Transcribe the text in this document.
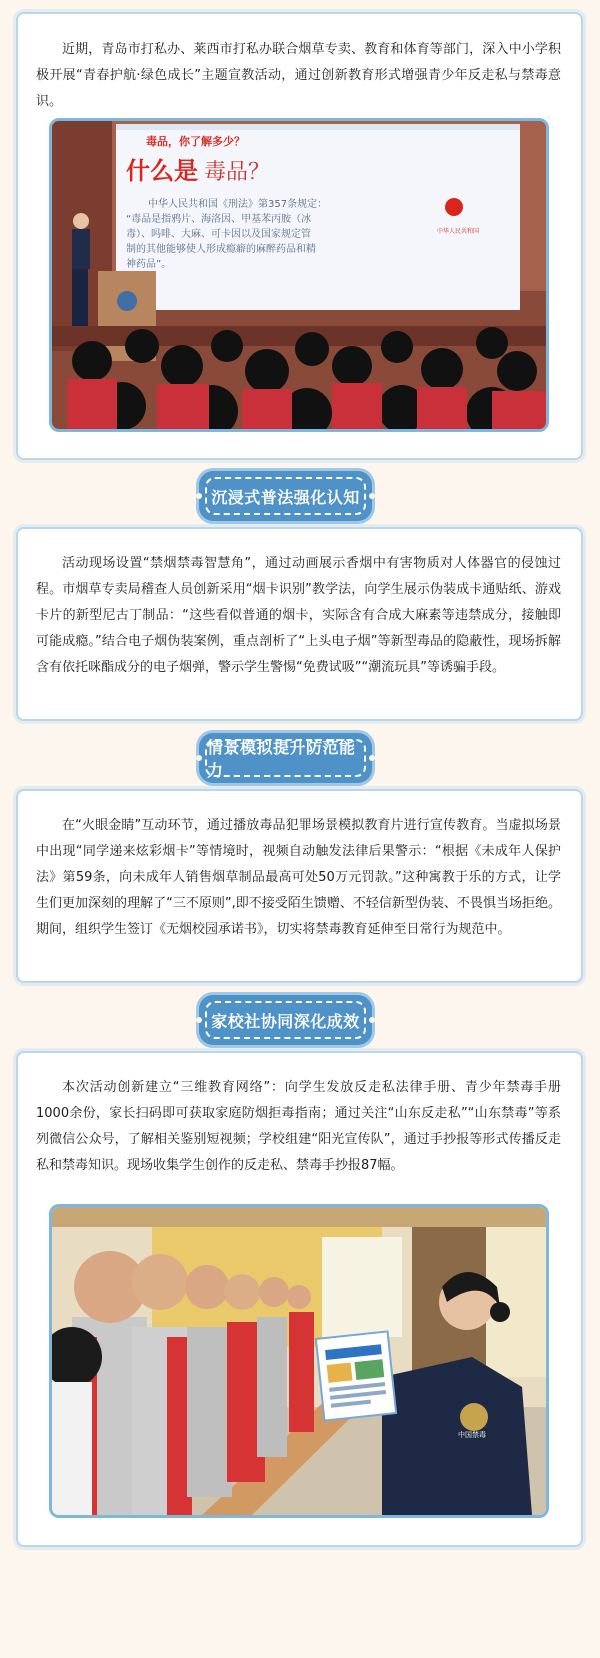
近期，青岛市打私办、莱西市打私办联合烟草专卖、教育和体育等部门，深入中小学积极开展“青春护航·绿色成长”主题宣教活动，通过创新教育形式增强青少年反走私与禁毒意识。

中华人民共和国
毒品，你了解多少？
什么是 毒品？
中华人民共和国《刑法》第357条规定：
“毒品是指鸦片、海洛因、甲基苯丙胺（冰
毒）、吗啡、大麻、可卡因以及国家规定管
制的其他能够使人形成瘾癖的麻醉药品和精
神药品”。
沉浸式普法强化认知

活动现场设置“禁烟禁毒智慧角”，通过动画展示香烟中有害物质对人体器官的侵蚀过程。市烟草专卖局稽查人员创新采用“烟卡识别”教学法，向学生展示伪装成卡通贴纸、游戏卡片的新型尼古丁制品：“这些看似普通的烟卡，实际含有合成大麻素等违禁成分，接触即可能成瘾。”结合电子烟伪装案例，重点剖析了“上头电子烟”等新型毒品的隐蔽性，现场拆解含有依托咪酯成分的电子烟弹，警示学生警惕“免费试吸”“潮流玩具”等诱骗手段。

情景模拟提升防范能力

在“火眼金睛”互动环节，通过播放毒品犯罪场景模拟教育片进行宣传教育。当虚拟场景中出现“同学递来炫彩烟卡”等情境时，视频自动触发法律后果警示：“根据《未成年人保护法》第59条，向未成年人销售烟草制品最高可处50万元罚款。”这种寓教于乐的方式，让学生们更加深刻的理解了“三不原则”,即不接受陌生馈赠、不轻信新型伪装、不畏惧当场拒绝。期间，组织学生签订《无烟校园承诺书》，切实将禁毒教育延伸至日常行为规范中。

家校社协同深化成效

本次活动创新建立“三维教育网络”：向学生发放反走私法律手册、青少年禁毒手册1000余份，家长扫码即可获取家庭防烟拒毒指南；通过关注“山东反走私”“山东禁毒”等系列微信公众号，了解相关鉴别短视频；学校组建“阳光宣传队”，通过手抄报等形式传播反走私和禁毒知识。现场收集学生创作的反走私、禁毒手抄报87幅。

中国禁毒
